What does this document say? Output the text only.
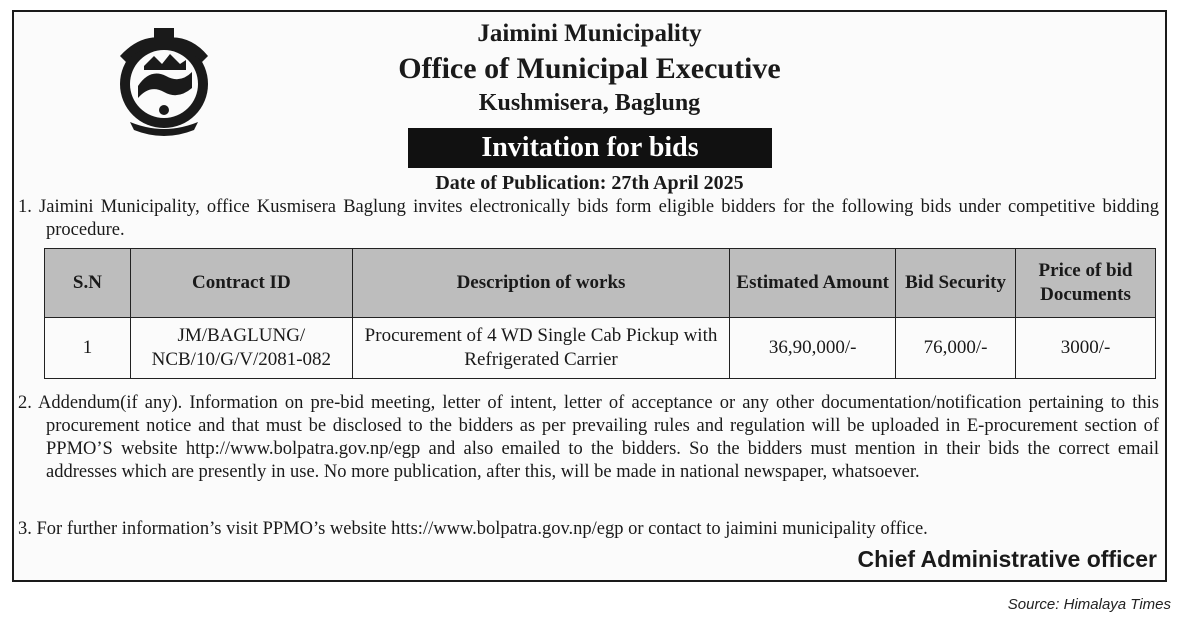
Jaimini Municipality
Office of Municipal Executive
Kushmisera, Baglung
Invitation for bids
Date of Publication: 27th April 2025
1. Jaimini Municipality, office Kusmisera Baglung invites electronically bids form eligible bidders for the following bids under competitive bidding procedure.
S.N	Contract ID	Description of works	Estimated Amount	Bid Security	Price of bid Documents
1	JM/BAGLUNG/ NCB/10/G/V/2081-082	Procurement of 4 WD Single Cab Pickup with Refrigerated Carrier	36,90,000/-	76,000/-	3000/-
2. Addendum(if any). Information on pre-bid meeting, letter of intent, letter of acceptance or any other documentation/notification pertaining to this procurement notice and that must be disclosed to the bidders as per prevailing rules and regulation will be uploaded in E-procurement section of PPMO’S website http://www.bolpatra.gov.np/egp and also emailed to the bidders. So the bidders must mention in their bids the correct email addresses which are presently in use. No more publication, after this, will be made in national newspaper, whatsoever.
3. For further information’s visit PPMO’s website htts://www.bolpatra.gov.np/egp or contact to jaimini municipality office.
Chief Administrative officer
Source: Himalaya Times
